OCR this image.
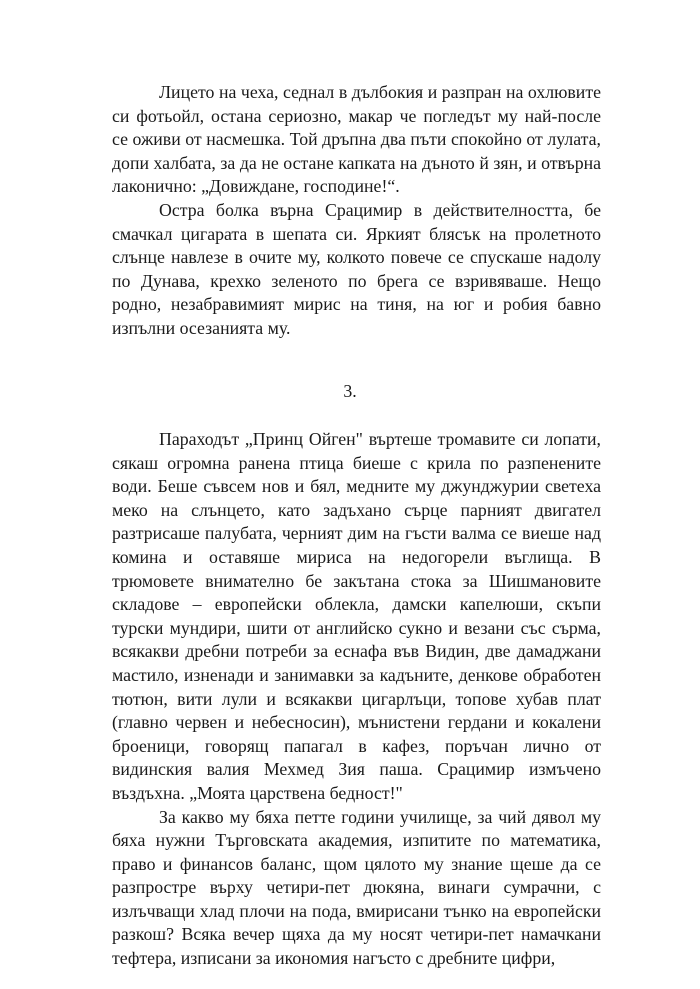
Лицето на чеха, седнал в дълбокия и разпран на охлювите си фотьойл, остана сериозно, макар че погледът му най-после се оживи от насмешка. Той дръпна два пъти спокойно от лулата, допи халбата, за да не остане капката на дъното й зян, и отвърна лаконично: „Довиждане, господине!“.

Остра болка върна Срацимир в действителността, бе смачкал цигарата в шепата си. Яркият блясък на пролетното слънце навлезе в очите му, колкото повече се спускаше надолу по Дунава, крехко зеленото по брега се взривяваше. Нещо родно, незабравимият мирис на тиня, на юг и робия бавно изпълни осезанията му.

3.

Параходът „Принц Ойген" въртеше тромавите си лопати, сякаш огромна ранена птица биеше с крила по разпенените води. Беше съвсем нов и бял, медните му джунджурии светеха меко на слънцето, като задъхано сърце парният двигател разтрисаше палубата, черният дим на гъсти валма се виеше над комина и оставяше мириса на недогорели въглища. В трюмовете внимателно бе закътана стока за Шишмановите складове – европейски облекла, дамски капелюши, скъпи турски мундири, шити от английско сукно и везани със сърма, всякакви дребни потреби за еснафа във Видин, две дамаджани мастило, изненади и занимавки за кадъните, денкове обработен тютюн, вити лули и всякакви цигарлъци, топове хубав плат (главно червен и небесносин), мънистени гердани и кокалени броеници, говорящ папагал в кафез, поръчан лично от видинския валия Мехмед Зия паша. Срацимир измъчено въздъхна. „Моята царствена бедност!"

За какво му бяха петте години училище, за чий дявол му бяха нужни Търговската академия, изпитите по математика, право и финансов баланс, щом цялото му знание щеше да се разпростре върху четири-пет дюкяна, винаги сумрачни, с излъчващи хлад плочи на пода, вмирисани тънко на европейски разкош? Всяка вечер щяха да му носят четири-пет намачкани тефтера, изписани за икономия нагъсто с дребните цифри,
